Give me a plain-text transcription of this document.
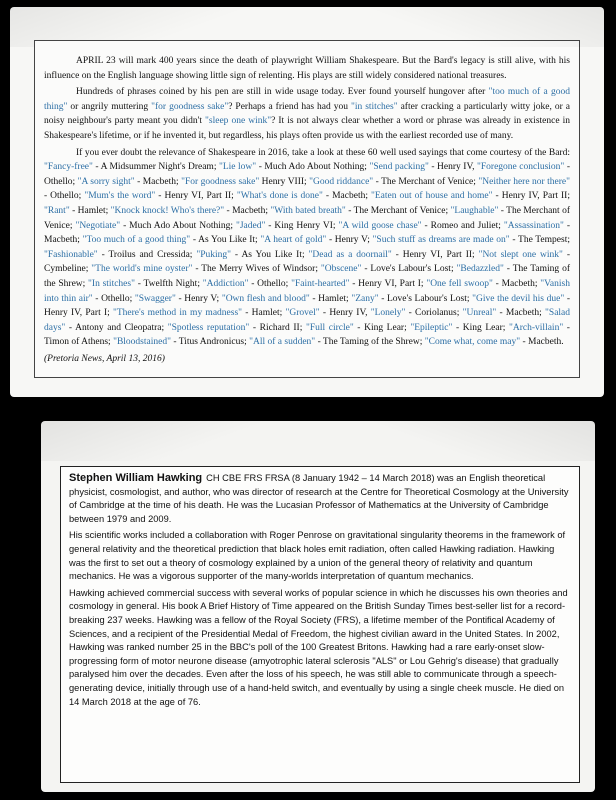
APRIL 23 will mark 400 years since the death of playwright William Shakespeare. But the Bard's legacy is still alive, with his influence on the English language showing little sign of relenting. His plays are still widely considered national treasures.

Hundreds of phrases coined by his pen are still in wide usage today. Ever found yourself hungover after "too much of a good thing" or angrily muttering "for goodness sake"? Perhaps a friend has had you "in stitches" after cracking a particularly witty joke, or a noisy neighbour's party meant you didn't "sleep one wink"? It is not always clear whether a word or phrase was already in existence in Shakespeare's lifetime, or if he invented it, but regardless, his plays often provide us with the earliest recorded use of many.

If you ever doubt the relevance of Shakespeare in 2016, take a look at these 60 well used sayings that come courtesy of the Bard: "Fancy-free" - A Midsummer Night's Dream; "Lie low" - Much Ado About Nothing; "Send packing" - Henry IV, "Foregone conclusion" - Othello; "A sorry sight" - Macbeth; "For goodness sake" Henry VIII; "Good riddance" - The Merchant of Venice; "Neither here nor there" - Othello; "Mum's the word" - Henry VI, Part II; "What's done is done" - Macbeth; "Eaten out of house and home" - Henry IV, Part II; "Rant" - Hamlet; "Knock knock! Who's there?" - Macbeth; "With bated breath" - The Merchant of Venice; "Laughable" - The Merchant of Venice; "Negotiate" - Much Ado About Nothing; "Jaded" - King Henry VI; "A wild goose chase" - Romeo and Juliet; "Assassination" - Macbeth; "Too much of a good thing" - As You Like It; "A heart of gold" - Henry V; "Such stuff as dreams are made on" - The Tempest; "Fashionable" - Troilus and Cressida; "Puking" - As You Like It; "Dead as a doornail" - Henry VI, Part II; "Not slept one wink" - Cymbeline; "The world's mine oyster" - The Merry Wives of Windsor; "Obscene" - Love's Labour's Lost; "Bedazzled" - The Taming of the Shrew; "In stitches" - Twelfth Night; "Addiction" - Othello; "Faint-hearted" - Henry VI, Part I; "One fell swoop" - Macbeth; "Vanish into thin air" - Othello; "Swagger" - Henry V; "Own flesh and blood" - Hamlet; "Zany" - Love's Labour's Lost; "Give the devil his due" - Henry IV, Part I; "There's method in my madness" - Hamlet; "Grovel" - Henry IV, "Lonely" - Coriolanus; "Unreal" - Macbeth; "Salad days" - Antony and Cleopatra; "Spotless reputation" - Richard II; "Full circle" - King Lear; "Epileptic" - King Lear; "Arch-villain" - Timon of Athens; "Bloodstained" - Titus Andronicus; "All of a sudden" - The Taming of the Shrew; "Come what, come may" - Macbeth.

(Pretoria News, April 13, 2016)

Stephen William Hawking CH CBE FRS FRSA (8 January 1942 – 14 March 2018) was an English theoretical physicist, cosmologist, and author, who was director of research at the Centre for Theoretical Cosmology at the University of Cambridge at the time of his death. He was the Lucasian Professor of Mathematics at the University of Cambridge between 1979 and 2009.

His scientific works included a collaboration with Roger Penrose on gravitational singularity theorems in the framework of general relativity and the theoretical prediction that black holes emit radiation, often called Hawking radiation. Hawking was the first to set out a theory of cosmology explained by a union of the general theory of relativity and quantum mechanics. He was a vigorous supporter of the many-worlds interpretation of quantum mechanics.

Hawking achieved commercial success with several works of popular science in which he discusses his own theories and cosmology in general. His book A Brief History of Time appeared on the British Sunday Times best-seller list for a record-breaking 237 weeks. Hawking was a fellow of the Royal Society (FRS), a lifetime member of the Pontifical Academy of Sciences, and a recipient of the Presidential Medal of Freedom, the highest civilian award in the United States. In 2002, Hawking was ranked number 25 in the BBC's poll of the 100 Greatest Britons. Hawking had a rare early-onset slow-progressing form of motor neurone disease (amyotrophic lateral sclerosis "ALS" or Lou Gehrig's disease) that gradually paralysed him over the decades. Even after the loss of his speech, he was still able to communicate through a speech-generating device, initially through use of a hand-held switch, and eventually by using a single cheek muscle. He died on 14 March 2018 at the age of 76.
